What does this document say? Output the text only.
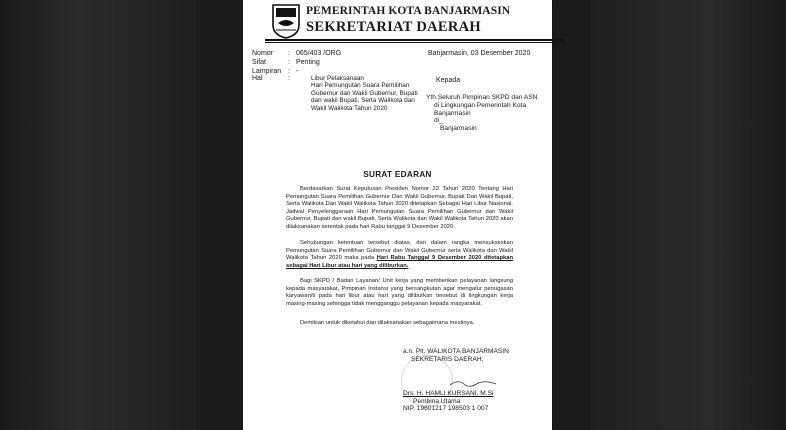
PEMERINTAH KOTA BANJARMASIN
SEKRETARIAT DAERAH
Nomor : 065/403 /ORG
Sifat	: Penting
Lampiran : -
Hal	:	Libur Pelaksanaan
Hari Pemungutan Suara Pemilihan
Gubernur dan Wakil Gubernur, Bupati
dan wakil Bupati, Serta Walikota dan
Wakil Walikota Tahun 2020
Banjarmasin, 03 Desember 2020
Kepada
Yth.Seluruh Pimpinan SKPD dan ASN
di Lingkungan Pemerintah Kota
Banjarmasin
di_
Banjarmasin
SURAT EDARAN
Berdasarkan Surat Keputusan Presiden Nomor 22 Tahun 2020 Tentang Hari Pemungutan Suara Pemilihan Gubernur Dan Wakil Gubernur, Bupati Dan Wakil Bupati, Serta Walikota Dan Wakil Walikota Tahun 2020 ditetapkan Sebagai Hari Libur Nasional. Jadwal Penyelenggaraan Hari Pemungutan Suara Pemilihan Gubernur dan Wakil Gubernur, Bupati dan wakil Bupati, Serta Walikota dan Wakil Walikota Tahun 2020 akan dilaksanakan serentak pada hari Rabu tanggal 9 Desember 2020.
Sehubungan ketentuan tersebut diatas, dan dalam rangka mensukseskan Pemungutan Suara Pemilihan Gubernur dan Wakil Gubernur serta Walikota dan Wakil Walikota Tahun 2020 maka pada Hari Rabu Tanggal 9 Desember 2020 ditetapkan sebagai Hari Libur atau hari yang diliburkan.
Bagi SKPD / Badan Layanan/ Unit kerja yang memberikan pelayanan langsung kepada masyarakat, Pimpinan Instansi yang bersangkutan agar mengatur penugasan karyawan/ti pada hari libur atau hari yang diliburkan tersebut di lingkungan kerja masing-masing sehingga tidak mengganggu pelayanan kepada masyarakat.
Demikian untuk diketahui dan dilaksanakan sebagaimana mestinya.
a.n. Plt. WALIKOTA BANJARMASIN
SEKRETARIS DAERAH,
Drs. H. HAMLI KURSANI, M.Si
Pembina Utama
NIP. 19601217 198503 1 007
